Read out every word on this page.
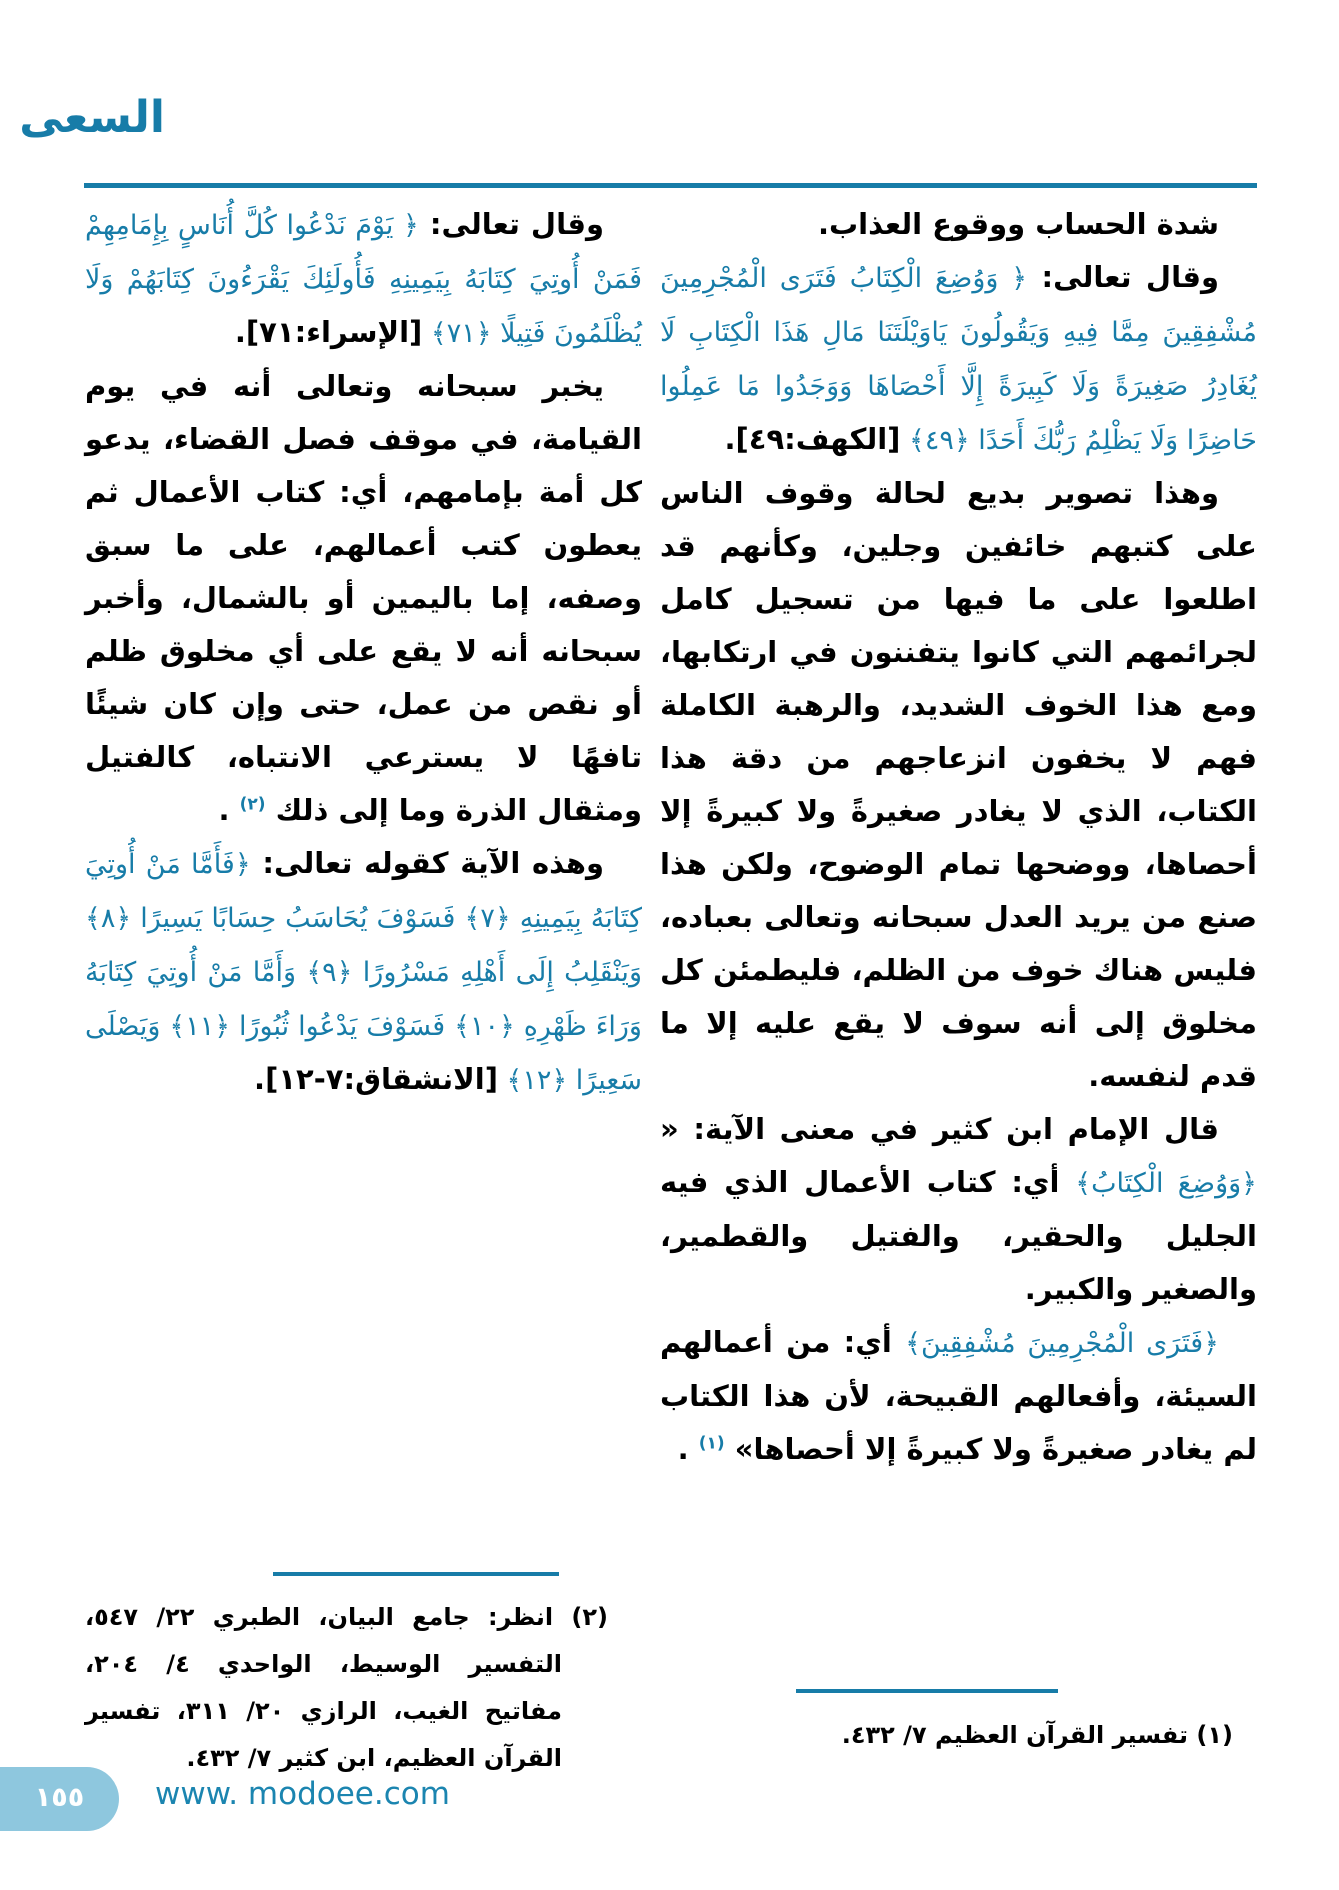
السعى

شدة الحساب ووقوع العذاب.

وقال تعالى: ﴿ وَوُضِعَ الْكِتَابُ فَتَرَى الْمُجْرِمِينَ مُشْفِقِينَ مِمَّا فِيهِ وَيَقُولُونَ يَاوَيْلَتَنَا مَالِ هَذَا الْكِتَابِ لَا يُغَادِرُ صَغِيرَةً وَلَا كَبِيرَةً إِلَّا أَحْصَاهَا وَوَجَدُوا مَا عَمِلُوا حَاضِرًا وَلَا يَظْلِمُ رَبُّكَ أَحَدًا ﴿٤٩﴾ [الكهف:٤٩].

وهذا تصوير بديع لحالة وقوف الناس على كتبهم خائفين وجلين، وكأنهم قد اطلعوا على ما فيها من تسجيل كامل لجرائمهم التي كانوا يتفننون في ارتكابها، ومع هذا الخوف الشديد، والرهبة الكاملة فهم لا يخفون انزعاجهم من دقة هذا الكتاب، الذي لا يغادر صغيرةً ولا كبيرةً إلا أحصاها، ووضحها تمام الوضوح، ولكن هذا صنع من يريد العدل سبحانه وتعالى بعباده، فليس هناك خوف من الظلم، فليطمئن كل مخلوق إلى أنه سوف لا يقع عليه إلا ما قدم لنفسه.

قال الإمام ابن كثير في معنى الآية: « ﴿وَوُضِعَ الْكِتَابُ﴾ أي: كتاب الأعمال الذي فيه الجليل والحقير، والفتيل والقطمير، والصغير والكبير.

﴿فَتَرَى الْمُجْرِمِينَ مُشْفِقِينَ﴾ أي: من أعمالهم السيئة، وأفعالهم القبيحة، لأن هذا الكتاب لم يغادر صغيرةً ولا كبيرةً إلا أحصاها» $^{(١)}$ .

وقال تعالى: ﴿ يَوْمَ نَدْعُوا كُلَّ أُنَاسٍ بِإِمَامِهِمْ فَمَنْ أُوتِيَ كِتَابَهُ بِيَمِينِهِ فَأُولَئِكَ يَقْرَءُونَ كِتَابَهُمْ وَلَا يُظْلَمُونَ فَتِيلًا ﴿٧١﴾ [الإسراء:٧١].

يخبر سبحانه وتعالى أنه في يوم القيامة، في موقف فصل القضاء، يدعو كل أمة بإمامهم، أي: كتاب الأعمال ثم يعطون كتب أعمالهم، على ما سبق وصفه، إما باليمين أو بالشمال، وأخبر سبحانه أنه لا يقع على أي مخلوق ظلم أو نقص من عمل، حتى وإن كان شيئًا تافهًا لا يسترعي الانتباه، كالفتيل ومثقال الذرة وما إلى ذلك $^{(٢)}$ .

وهذه الآية كقوله تعالى: ﴿فَأَمَّا مَنْ أُوتِيَ كِتَابَهُ بِيَمِينِهِ ﴿٧﴾ فَسَوْفَ يُحَاسَبُ حِسَابًا يَسِيرًا ﴿٨﴾ وَيَنْقَلِبُ إِلَى أَهْلِهِ مَسْرُورًا ﴿٩﴾ وَأَمَّا مَنْ أُوتِيَ كِتَابَهُ وَرَاءَ ظَهْرِهِ ﴿١٠﴾ فَسَوْفَ يَدْعُوا ثُبُورًا ﴿١١﴾ وَيَصْلَى سَعِيرًا ﴿١٢﴾ [الانشقاق:٧-١٢].

(٢) انظر: جامع البيان، الطبري ٢٢/ ٥٤٧، التفسير الوسيط، الواحدي ٤/ ٢٠٤، مفاتيح الغيب، الرازي ٢٠/ ٣١١، تفسير القرآن العظيم، ابن كثير ٧/ ٤٣٢.
(١) تفسير القرآن العظيم ٧/ ٤٣٢.
١٥٥	www. modoee.com
